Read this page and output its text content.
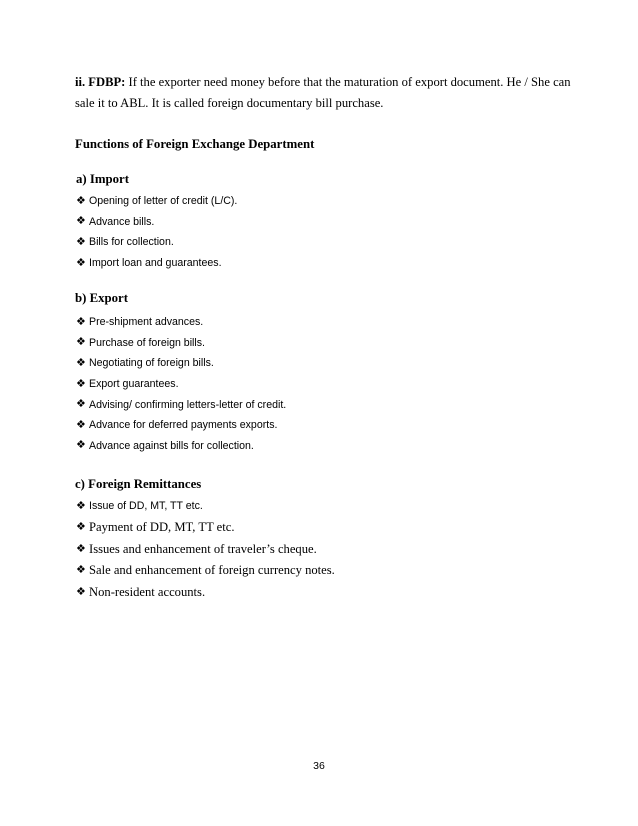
ii. FDBP: If the exporter need money before that the maturation of export document. He / She can sale it to ABL. It is called foreign documentary bill purchase.

Functions of Foreign Exchange Department
a) Import
❖ Opening of letter of credit (L/C).
❖ Advance bills.
❖ Bills for collection.
❖ Import loan and guarantees.
b) Export
❖ Pre-shipment advances.
❖ Purchase of foreign bills.
❖ Negotiating of foreign bills.
❖ Export guarantees.
❖ Advising/ confirming letters-letter of credit.
❖ Advance for deferred payments exports.
❖ Advance against bills for collection.
c) Foreign Remittances
❖ Issue of DD, MT, TT etc.
❖ Payment of DD, MT, TT etc.
❖ Issues and enhancement of traveler’s cheque.
❖ Sale and enhancement of foreign currency notes.
❖ Non-resident accounts.
36
